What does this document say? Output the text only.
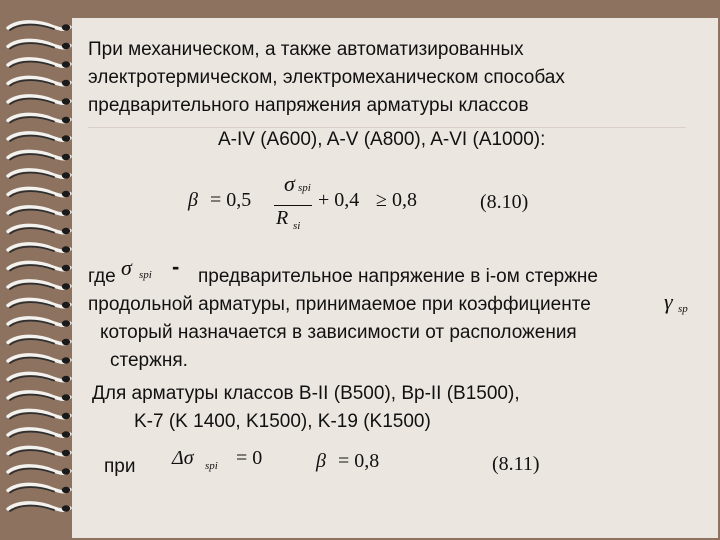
При механическом, а также автоматизированных
электротермическом, электромеханическом способах
предварительного напряжения арматуры классов
A-IV (A600), A-V (A800), A-VI (A1000):
β = 0,5
σ spi
R si
+ 0,4 ≥ 0,8	(8.10)
где σ spi - предварительное напряжение в i-ом стержне
продольной арматуры, принимаемое при коэффициенте	γ sp
который назначается в зависимости от расположения
стержня.
Для арматуры классов B-II (B500), Bp-II (B1500),
K-7 (K 1400, K1500), K-19 (K1500)
при Δσ spi = 0	β = 0,8	(8.11)
